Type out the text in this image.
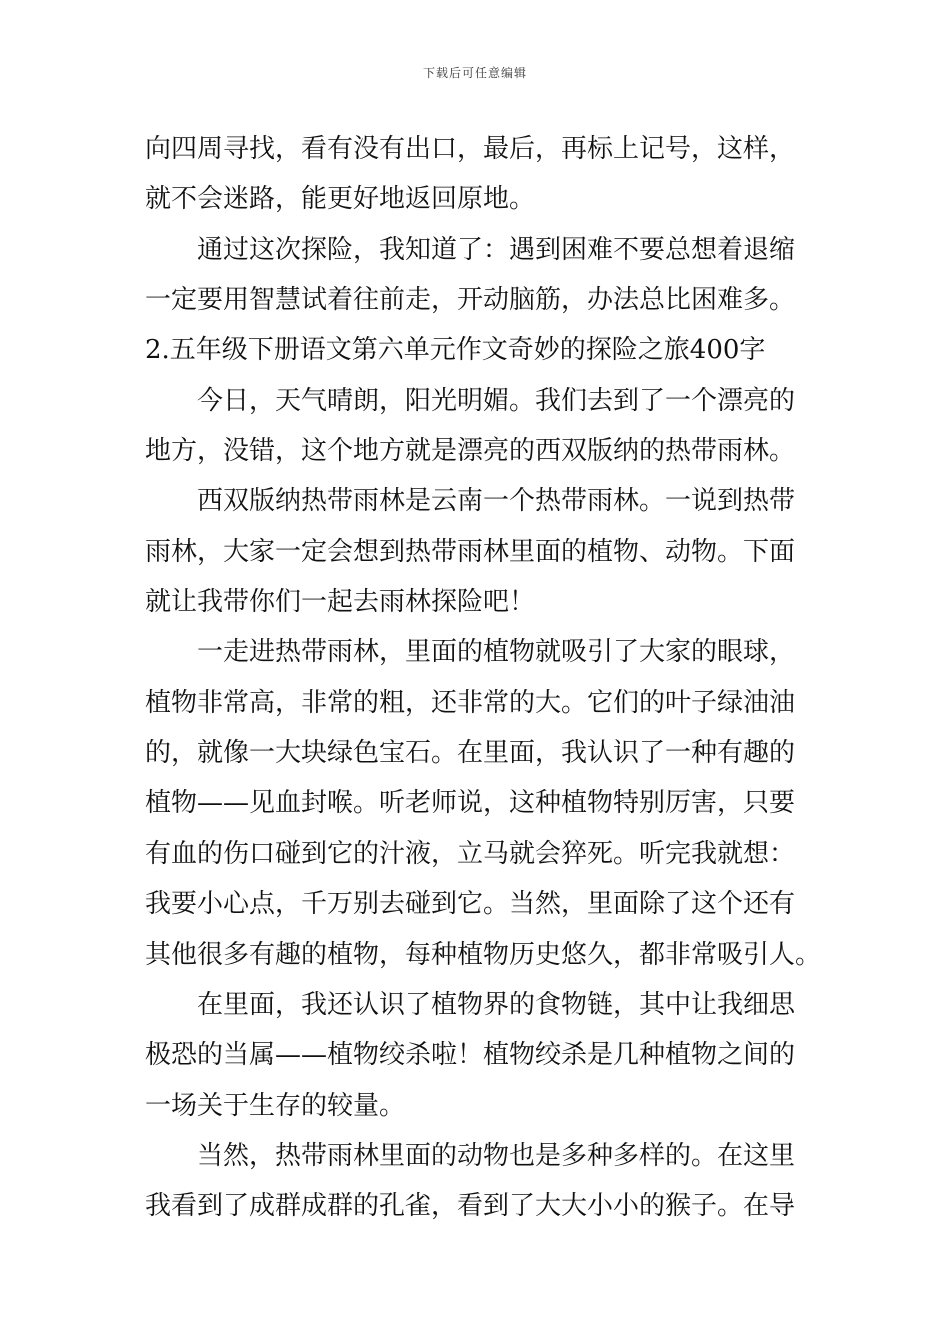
下载后可任意编辑
向四周寻找，看有没有出口，最后，再标上记号，这样，
就不会迷路，能更好地返回原地。
通过这次探险，我知道了：遇到困难不要总想着退缩
一定要用智慧试着往前走，开动脑筋，办法总比困难多。
2.五年级下册语文第六单元作文奇妙的探险之旅400字
今日，天气晴朗，阳光明媚。我们去到了一个漂亮的
地方，没错，这个地方就是漂亮的西双版纳的热带雨林。
西双版纳热带雨林是云南一个热带雨林。一说到热带
雨林，大家一定会想到热带雨林里面的植物、动物。下面
就让我带你们一起去雨林探险吧！
一走进热带雨林，里面的植物就吸引了大家的眼球，
植物非常高，非常的粗，还非常的大。它们的叶子绿油油
的，就像一大块绿色宝石。在里面，我认识了一种有趣的
植物——见血封喉。听老师说，这种植物特别厉害，只要
有血的伤口碰到它的汁液，立马就会猝死。听完我就想：
我要小心点，千万别去碰到它。当然，里面除了这个还有
其他很多有趣的植物，每种植物历史悠久，都非常吸引人。
在里面，我还认识了植物界的食物链，其中让我细思
极恐的当属——植物绞杀啦！植物绞杀是几种植物之间的
一场关于生存的较量。
当然，热带雨林里面的动物也是多种多样的。在这里
我看到了成群成群的孔雀，看到了大大小小的猴子。在导
